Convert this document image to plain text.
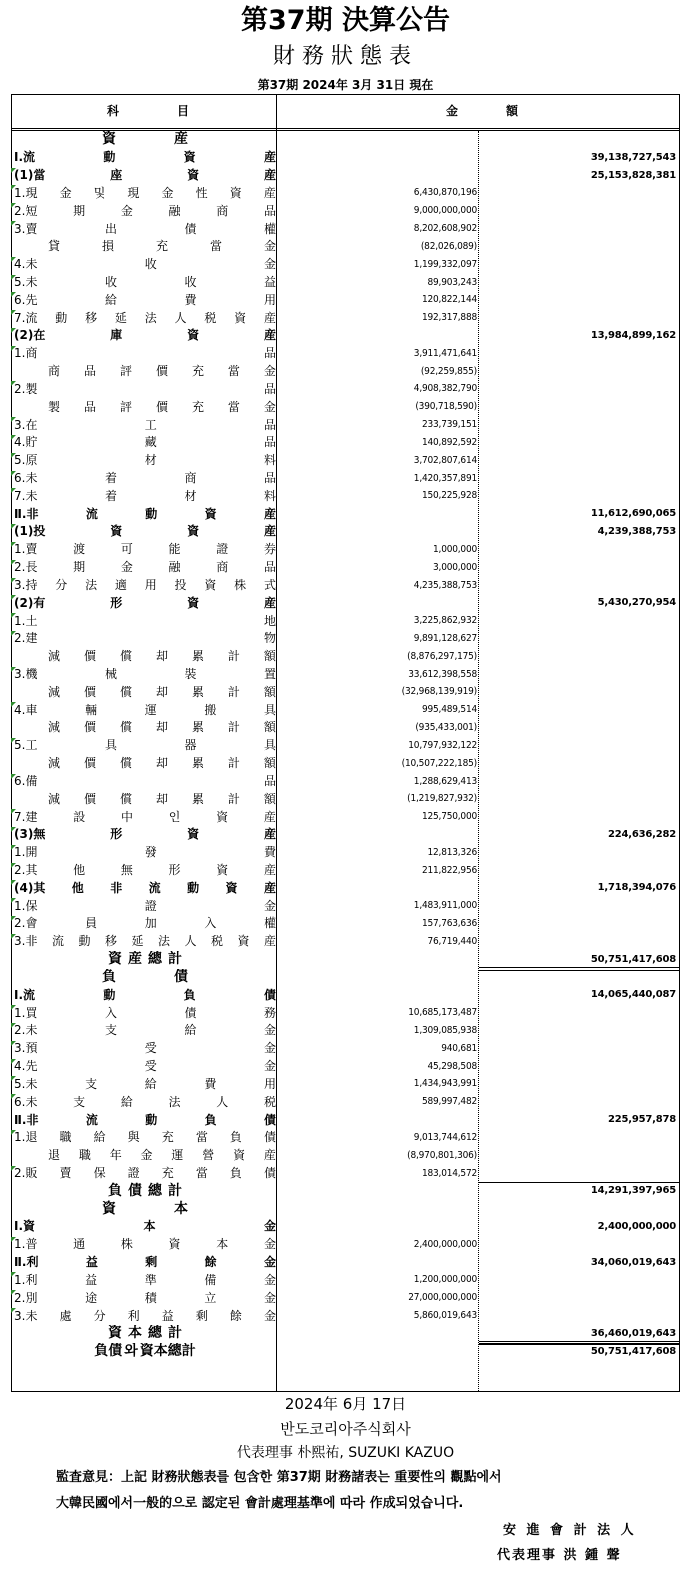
第37期 決算公告
財務狀態表
第37期 2024年 3月 31日 現在
科	目	金	額
資	産
Ⅰ.流	動	資	産	39,138,727,543
(1)當	座	資	産	25,153,828,381
1.現 金 및 現 金 性 資 産	6,430,870,196
2.短	期	金	融	商	品	9,000,000,000
3.賣	出	債	權	8,202,608,902
貸	損	充	當	金	(82,026,089)
4.未	收	金	1,199,332,097
5.未	收	收	益	89,903,243
6.先	給	費	用	120,822,144
7.流 動 移 延 法 人 税 資 産	192,317,888
(2)在	庫	資	産	13,984,899,162
1.商	品	3,911,471,641
商 品 評 價 充 當 金	(92,259,855)
2.製	品	4,908,382,790
製 品 評 價 充 當 金	(390,718,590)
3.在	工	品	233,739,151
4.貯	藏	品	140,892,592
5.原	材	料	3,702,807,614
6.未	着	商	品	1,420,357,891
7.未	着	材	料	150,225,928
Ⅱ.非	流	動	資	産	11,612,690,065
(1)投	資	資	産	4,239,388,753
1.賣	渡	可	能	證	券	1,000,000
2.長	期	金	融	商	品	3,000,000
3.持 分 法 適 用 投 資 株 式	4,235,388,753
(2)有	形	資	産	5,430,270,954
1.土	地	3,225,862,932
2.建	物	9,891,128,627
減 價 償 却 累 計 額	(8,876,297,175)
3.機	械	裝	置	33,612,398,558
減 價 償 却 累 計 額	(32,968,139,919)
4.車	輛	運	搬	具	995,489,514
減 價 償 却 累 計 額	(935,433,001)
5.工	具	器	具	10,797,932,122
減 價 償 却 累 計 額	(10,507,222,185)
6.備	品	1,288,629,413
減 價 償 却 累 計 額	(1,219,827,932)
7.建	設	中	인	資	産	125,750,000
(3)無	形	資	産	224,636,282
1.開	發	費	12,813,326
2.其	他	無	形	資	産	211,822,956
(4)其 他 非 流 動 資 産	1,718,394,076
1.保	證	金	1,483,911,000
2.會	員	加	入	權	157,763,636
3.非 流 動 移 延 法 人 税 資 産	76,719,440
資 産 總 計	50,751,417,608
負	債
Ⅰ.流	動	負	債	14,065,440,087
1.買	入	債	務	10,685,173,487
2.未	支	給	金	1,309,085,938
3.預	受	金	940,681
4.先	受	金	45,298,508
5.未	支	給	費	用	1,434,943,991
6.未	支	給	法	人	税	589,997,482
Ⅱ.非	流	動	負	債	225,957,878
1.退 職 給 與 充 當 負 債	9,013,744,612
退 職 年 金 運 營 資 産	(8,970,801,306)
2.販 賣 保 證 充 當 負 債	183,014,572
負 債 總 計	14,291,397,965
資	本
Ⅰ.資	本	金	2,400,000,000
1.普	通	株	資	本	金	2,400,000,000
Ⅱ.利	益	剩	餘	金	34,060,019,643
1.利	益	準	備	金	1,200,000,000
2.別	途	積	立	金	27,000,000,000
3.未 處 分 利 益 剩 餘 金	5,860,019,643
資 本 總 計	36,460,019,643
負債 와 資本總計	50,751,417,608
2024年 6月 17日
반도코리아주식회사
代表理事 朴熙祐, SUZUKI KAZUO
監査意見：上記 財務狀態表를 包含한 第37期 財務諸表는 重要性의 觀點에서
大韓民國에서一般的으로 認定된 會計處理基準에 따라 作成되었습니다.
安 進 會 計 法 人
代表理事 洪 鍾 聲
